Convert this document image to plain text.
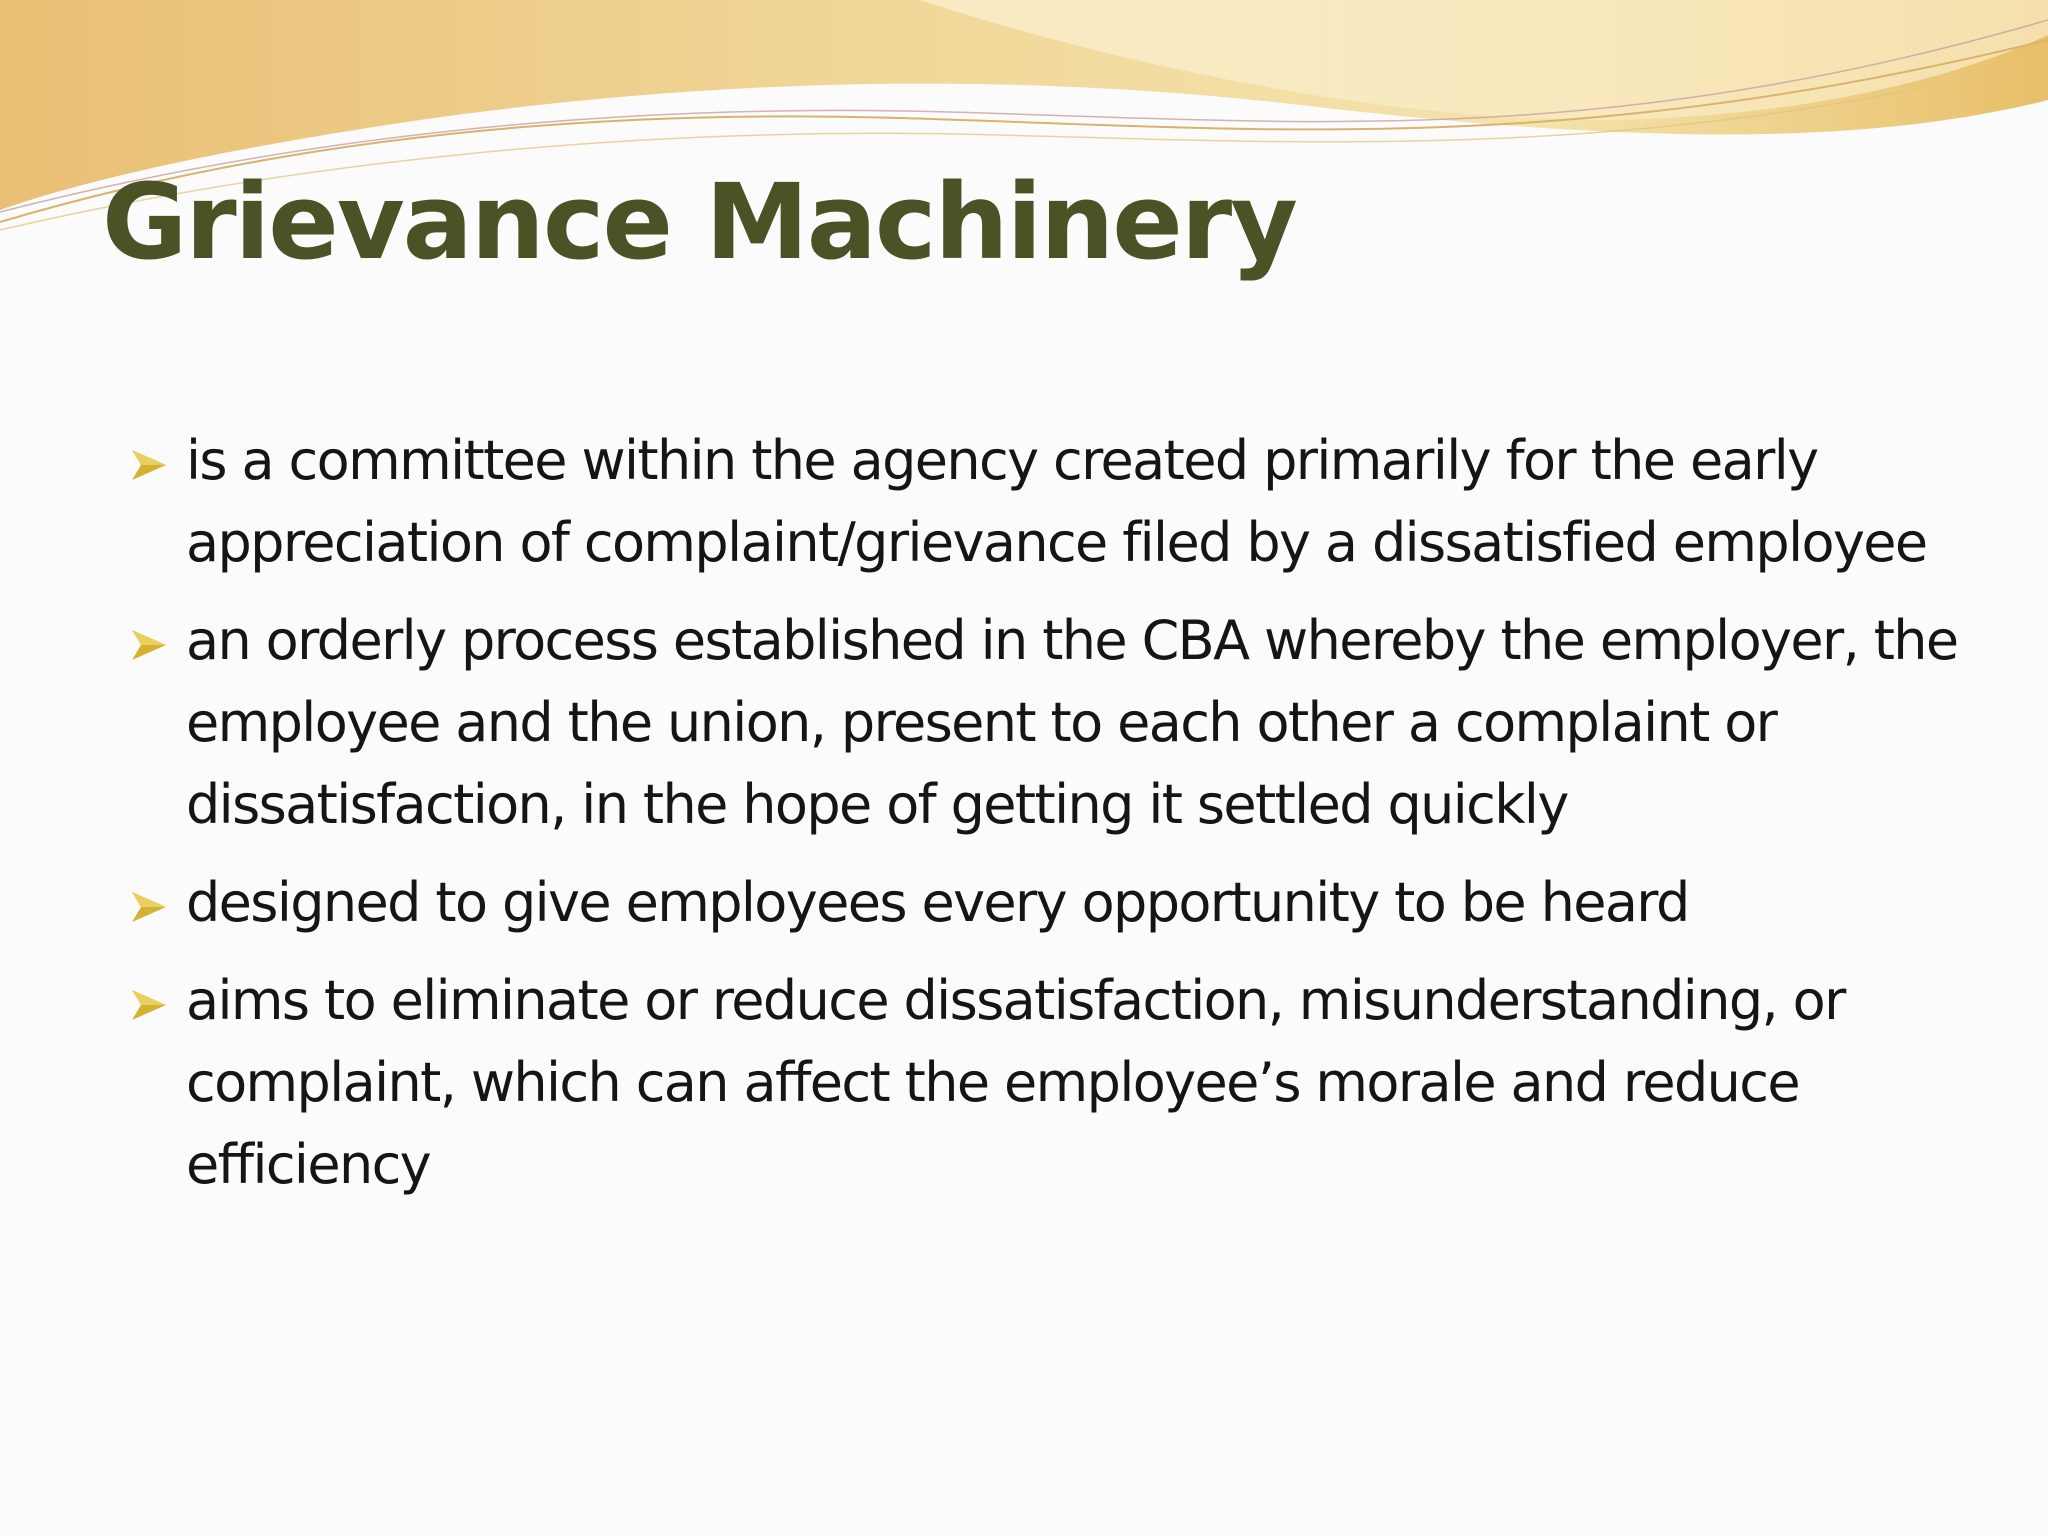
Grievance Machinery
is a committee within the agency created primarily for the early appreciation of complaint/grievance filed by a dissatisfied employee
an orderly process established in the CBA whereby the employer, the employee and the union, present to each other a complaint or dissatisfaction, in the hope of getting it settled quickly
designed to give employees every opportunity to be heard
aims to eliminate or reduce dissatisfaction, misunderstanding, or complaint, which can affect the employee’s morale and reduce efficiency
